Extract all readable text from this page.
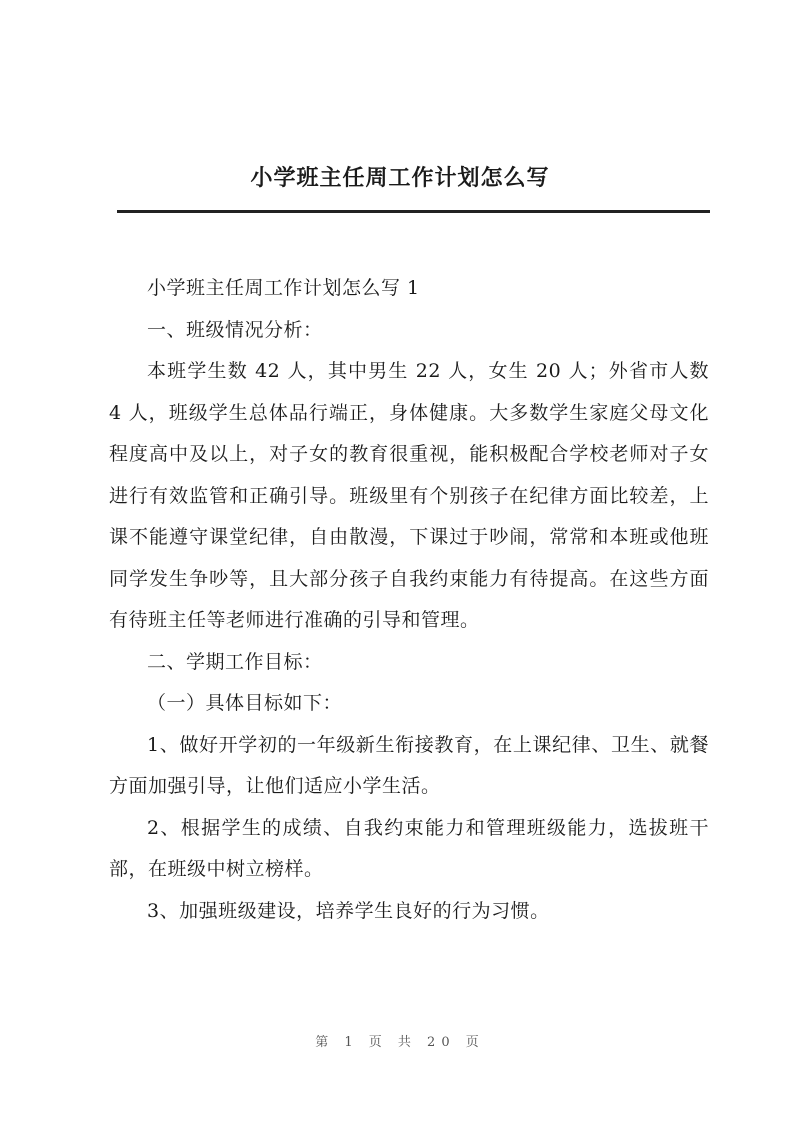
小学班主任周工作计划怎么写

小学班主任周工作计划怎么写 1

一、班级情况分析：

本班学生数 42 人，其中男生 22 人，女生 20 人；外省市人数 4 人，班级学生总体品行端正，身体健康。大多数学生家庭父母文化程度高中及以上，对子女的教育很重视，能积极配合学校老师对子女进行有效监管和正确引导。班级里有个别孩子在纪律方面比较差，上课不能遵守课堂纪律，自由散漫，下课过于吵闹，常常和本班或他班同学发生争吵等，且大部分孩子自我约束能力有待提高。在这些方面有待班主任等老师进行准确的引导和管理。

二、学期工作目标：

（一）具体目标如下：

1、做好开学初的一年级新生衔接教育，在上课纪律、卫生、就餐方面加强引导，让他们适应小学生活。

2、根据学生的成绩、自我约束能力和管理班级能力，选拔班干部，在班级中树立榜样。

3、加强班级建设，培养学生良好的行为习惯。

第 1 页 共 20 页
